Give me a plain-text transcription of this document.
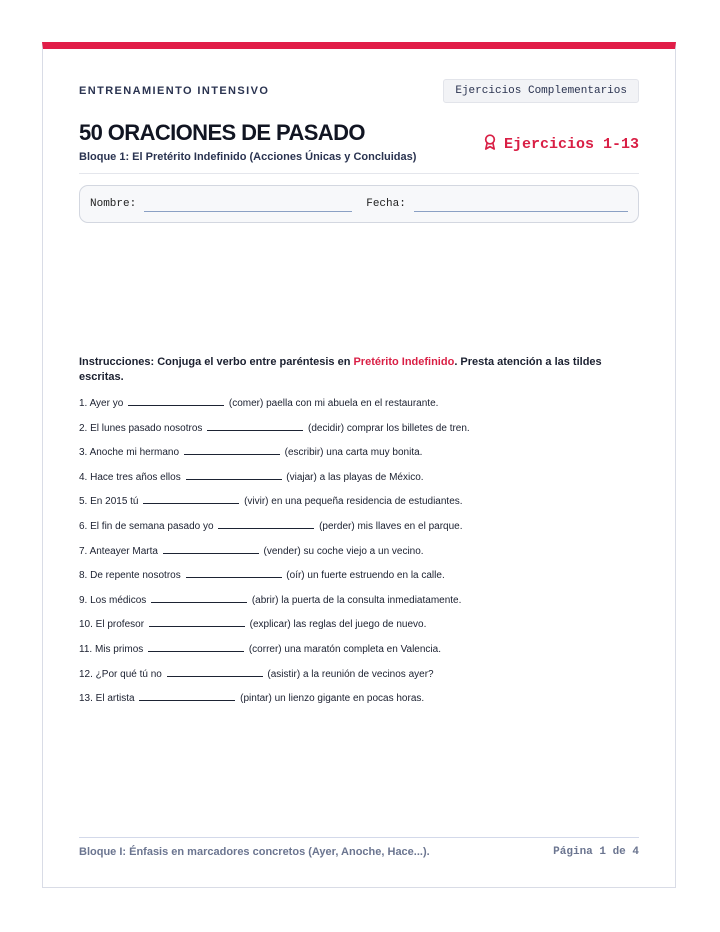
ENTRENAMIENTO INTENSIVO	Ejercicios Complementarios
50 ORACIONES DE PASADO
Bloque 1: El Pretérito Indefinido (Acciones Únicas y Concluidas)
Ejercicios 1-13
Nombre:	Fecha:
Instrucciones: Conjuga el verbo entre paréntesis en Pretérito Indefinido. Presta atención a las tildes escritas.
1. Ayer yo	(comer) paella con mi abuela en el restaurante.
2. El lunes pasado nosotros	(decidir) comprar los billetes de tren.
3. Anoche mi hermano	(escribir) una carta muy bonita.
4. Hace tres años ellos	(viajar) a las playas de México.
5. En 2015 tú	(vivir) en una pequeña residencia de estudiantes.
6. El fin de semana pasado yo	(perder) mis llaves en el parque.
7. Anteayer Marta	(vender) su coche viejo a un vecino.
8. De repente nosotros	(oír) un fuerte estruendo en la calle.
9. Los médicos	(abrir) la puerta de la consulta inmediatamente.
10. El profesor	(explicar) las reglas del juego de nuevo.
11. Mis primos	(correr) una maratón completa en Valencia.
12. ¿Por qué tú no	(asistir) a la reunión de vecinos ayer?
13. El artista	(pintar) un lienzo gigante en pocas horas.
Bloque I: Énfasis en marcadores concretos (Ayer, Anoche, Hace...).	Página 1 de 4
